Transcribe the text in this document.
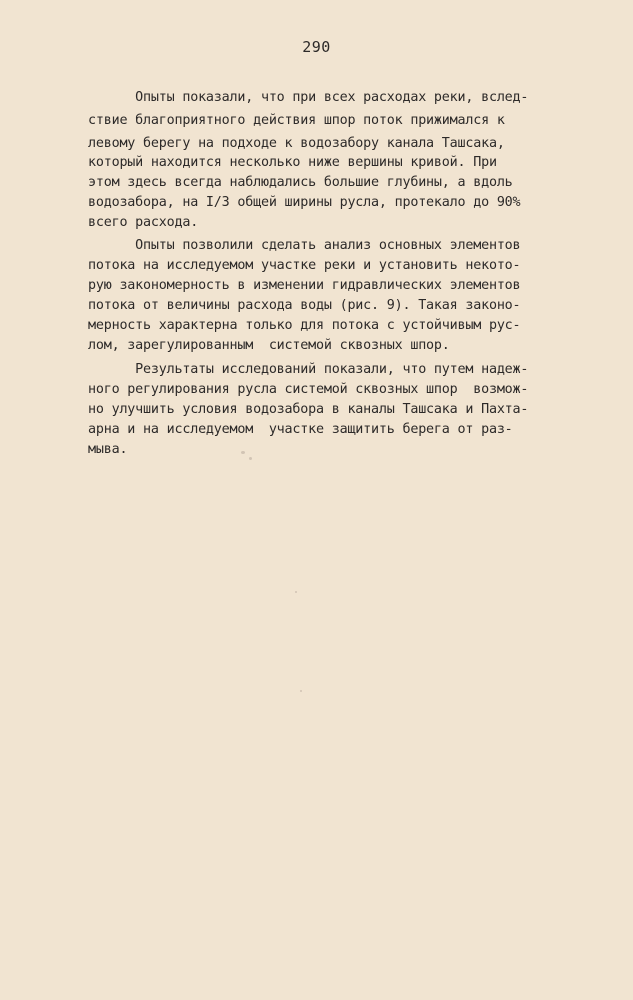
290
Опыты показали, что при всех расходах реки, вслед-
ствие благоприятного действия шпор поток прижимался к
левому берегу на подходе к водозабору канала Ташсака,
который находится несколько ниже вершины кривой. При
этом здесь всегда наблюдались большие глубины, а вдоль
водозабора, на I/3 общей ширины русла, протекало до 90%
всего расхода.
Опыты позволили сделать анализ основных элементов
потока на исследуемом участке реки и установить некото-
рую закономерность в изменении гидравлических элементов
потока от величины расхода воды (рис. 9). Такая законо-
мерность характерна только для потока с устойчивым рус-
лом, зарегулированным  системой сквозных шпор.
Результаты исследований показали, что путем надеж-
ного регулирования русла системой сквозных шпор  возмож-
но улучшить условия водозабора в каналы Ташсака и Пахта-
арна и на исследуемом  участке защитить берега от раз-
мыва.
